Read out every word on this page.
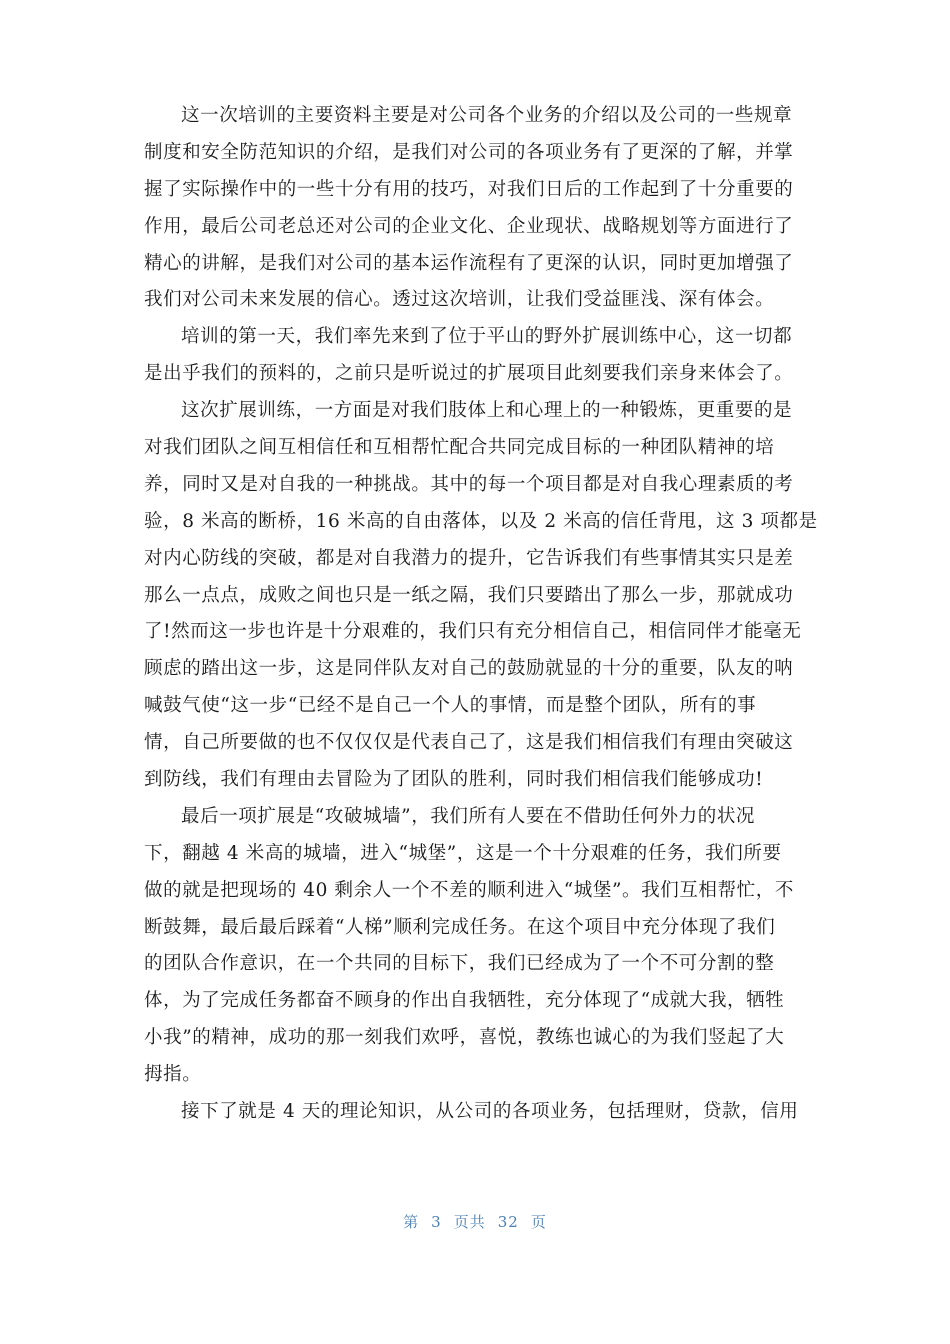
这一次培训的主要资料主要是对公司各个业务的介绍以及公司的一些规章
制度和安全防范知识的介绍，是我们对公司的各项业务有了更深的了解，并掌
握了实际操作中的一些十分有用的技巧，对我们日后的工作起到了十分重要的
作用，最后公司老总还对公司的企业文化、企业现状、战略规划等方面进行了
精心的讲解，是我们对公司的基本运作流程有了更深的认识，同时更加增强了
我们对公司未来发展的信心。透过这次培训，让我们受益匪浅、深有体会。
培训的第一天，我们率先来到了位于平山的野外扩展训练中心，这一切都
是出乎我们的预料的，之前只是听说过的扩展项目此刻要我们亲身来体会了。
这次扩展训练，一方面是对我们肢体上和心理上的一种锻炼，更重要的是
对我们团队之间互相信任和互相帮忙配合共同完成目标的一种团队精神的培
养，同时又是对自我的一种挑战。其中的每一个项目都是对自我心理素质的考
验，8 米高的断桥，16 米高的自由落体，以及 2 米高的信任背甩，这 3 项都是
对内心防线的突破，都是对自我潜力的提升，它告诉我们有些事情其实只是差
那么一点点，成败之间也只是一纸之隔，我们只要踏出了那么一步，那就成功
了!然而这一步也许是十分艰难的，我们只有充分相信自己，相信同伴才能毫无
顾虑的踏出这一步，这是同伴队友对自己的鼓励就显的十分的重要，队友的呐
喊鼓气使“这一步“已经不是自己一个人的事情，而是整个团队，所有的事
情，自己所要做的也不仅仅仅是代表自己了，这是我们相信我们有理由突破这
到防线，我们有理由去冒险为了团队的胜利，同时我们相信我们能够成功!
最后一项扩展是“攻破城墙”，我们所有人要在不借助任何外力的状况
下，翻越 4 米高的城墙，进入“城堡”，这是一个十分艰难的任务，我们所要
做的就是把现场的 40 剩余人一个不差的顺利进入“城堡”。我们互相帮忙，不
断鼓舞，最后最后踩着“人梯”顺利完成任务。在这个项目中充分体现了我们
的团队合作意识，在一个共同的目标下，我们已经成为了一个不可分割的整
体，为了完成任务都奋不顾身的作出自我牺牲，充分体现了“成就大我，牺牲
小我”的精神，成功的那一刻我们欢呼，喜悦，教练也诚心的为我们竖起了大
拇指。
接下了就是 4 天的理论知识，从公司的各项业务，包括理财，贷款，信用
第 3 页共 32 页
